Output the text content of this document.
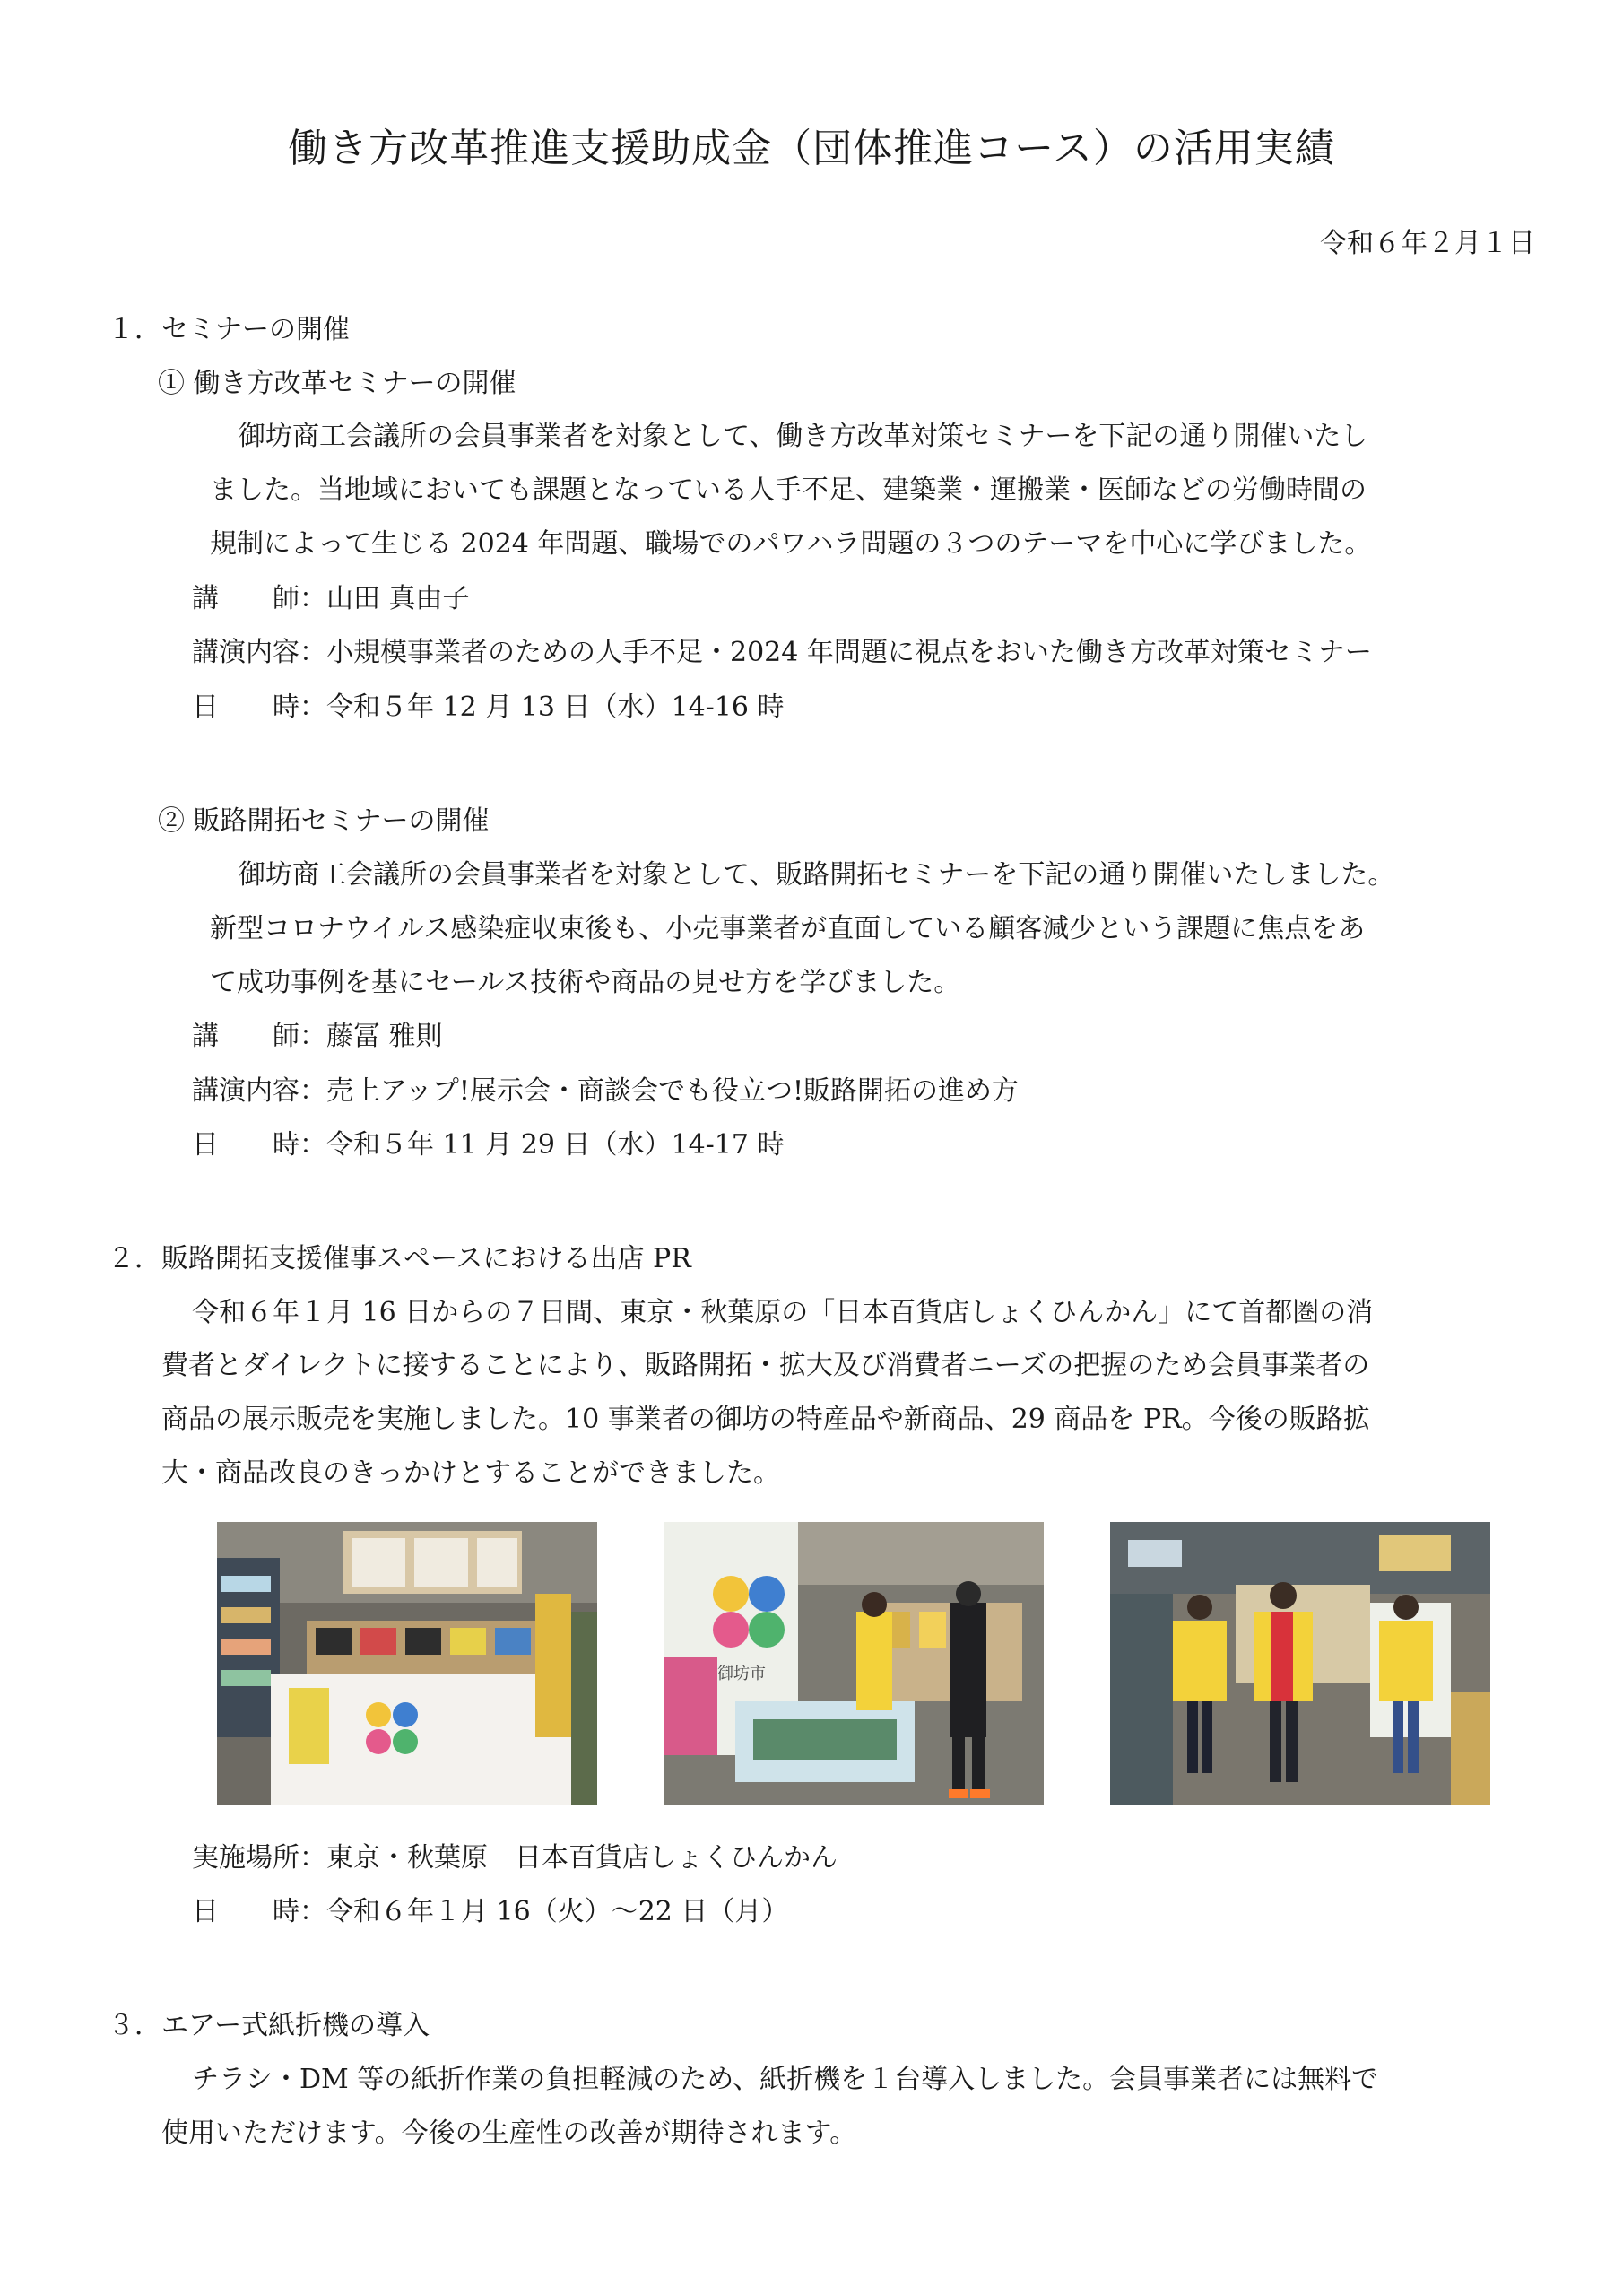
働き方改革推進支援助成金（団体推進コース）の活用実績
令和６年２月１日
１．セミナーの開催
① 働き方改革セミナーの開催
御坊商工会議所の会員事業者を対象として、働き方改革対策セミナーを下記の通り開催いたし
ました。当地域においても課題となっている人手不足、建築業・運搬業・医師などの労働時間の
規制によって生じる 2024 年問題、職場でのパワハラ問題の３つのテーマを中心に学びました。
講　　師：山田 真由子
講演内容：小規模事業者のための人手不足・2024 年問題に視点をおいた働き方改革対策セミナー
日　　時：令和５年 12 月 13 日（水）14-16 時
② 販路開拓セミナーの開催
御坊商工会議所の会員事業者を対象として、販路開拓セミナーを下記の通り開催いたしました。
新型コロナウイルス感染症収束後も、小売事業者が直面している顧客減少という課題に焦点をあ
て成功事例を基にセールス技術や商品の見せ方を学びました。
講　　師：藤冨 雅則
講演内容：売上アップ!展示会・商談会でも役立つ!販路開拓の進め方
日　　時：令和５年 11 月 29 日（水）14-17 時
２．販路開拓支援催事スペースにおける出店 PR
令和６年１月 16 日からの７日間、東京・秋葉原の「日本百貨店しょくひんかん」にて首都圏の消
費者とダイレクトに接することにより、販路開拓・拡大及び消費者ニーズの把握のため会員事業者の
商品の展示販売を実施しました。10 事業者の御坊の特産品や新商品、29 商品を PR。今後の販路拡
大・商品改良のきっかけとすることができました。
御坊市
実施場所：東京・秋葉原　日本百貨店しょくひんかん
日　　時：令和６年１月 16（火）～22 日（月）
３．エアー式紙折機の導入
チラシ・DM 等の紙折作業の負担軽減のため、紙折機を１台導入しました。会員事業者には無料で
使用いただけます。今後の生産性の改善が期待されます。
